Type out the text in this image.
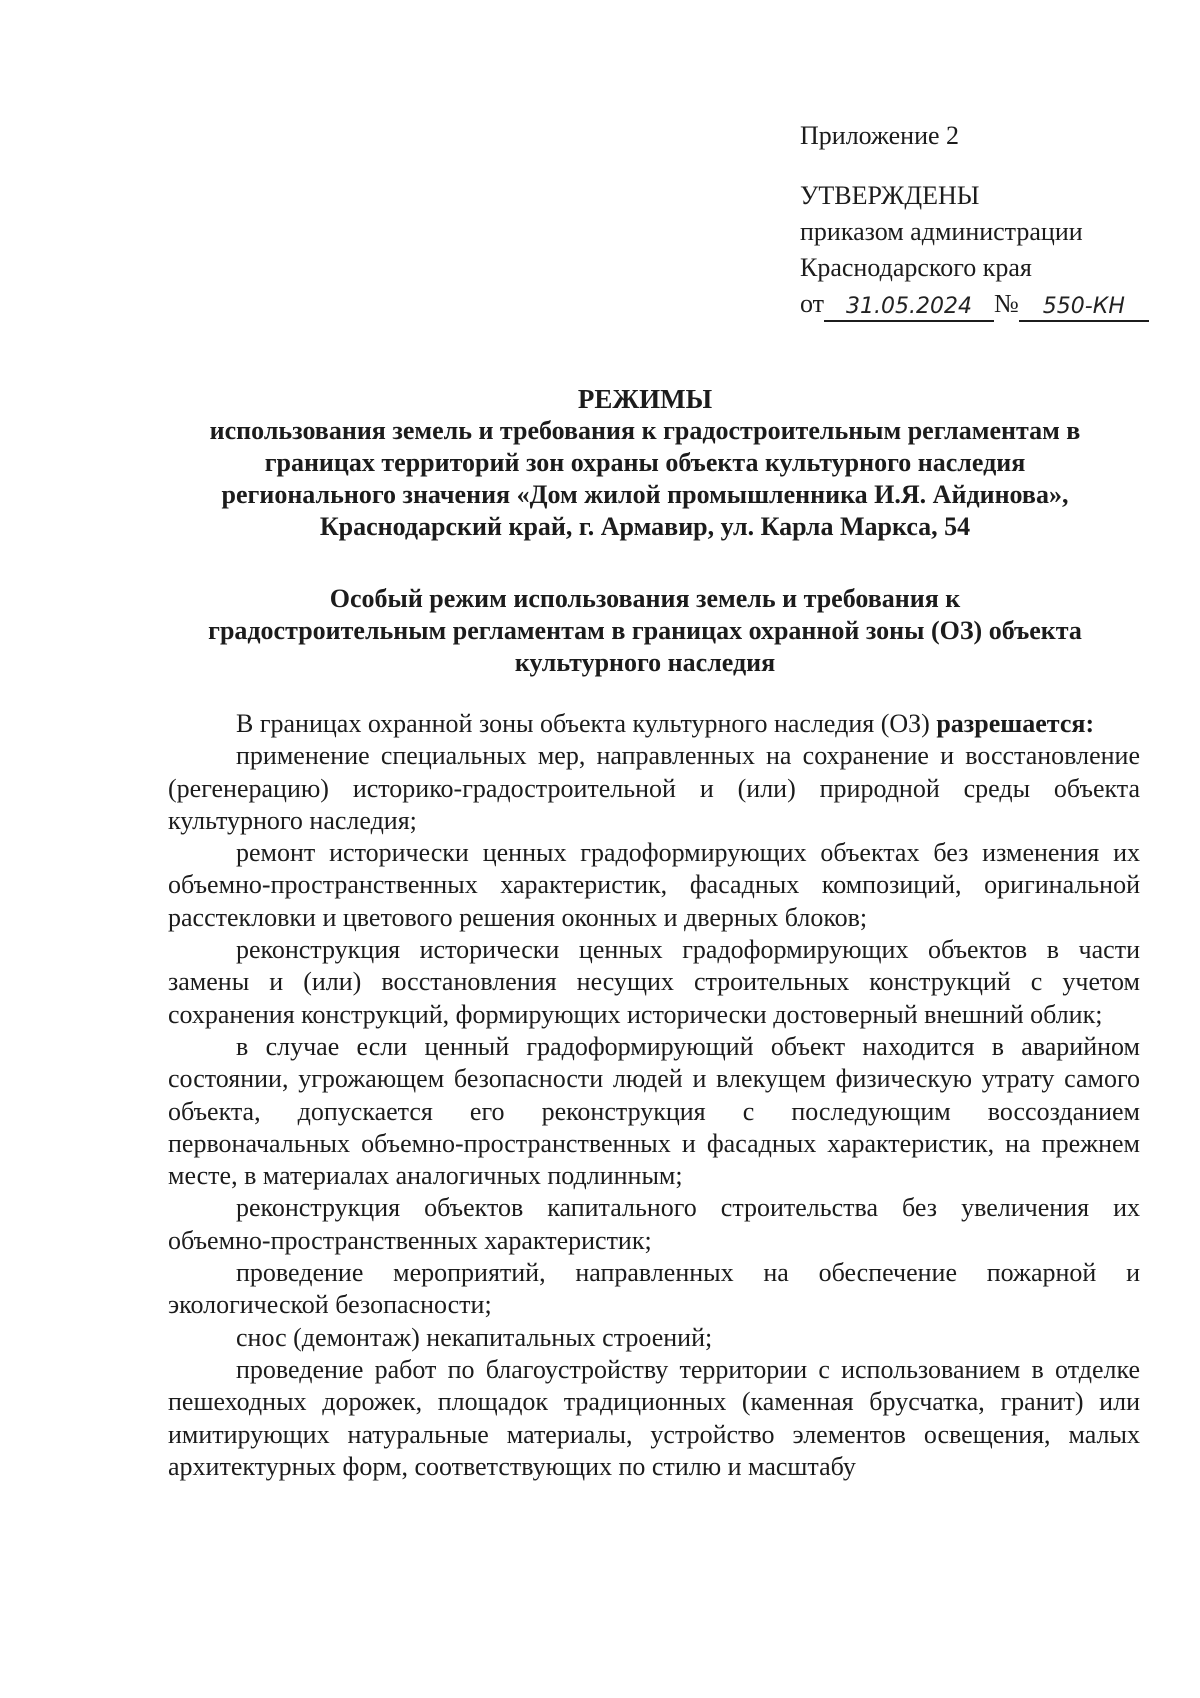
Приложение 2
УТВЕРЖДЕНЫ
приказом администрации
Краснодарского края
от	31.05.2024 №	550-КН
РЕЖИМЫ
использования земель и требования к градостроительным регламентам в
границах территорий зон охраны объекта культурного наследия
регионального значения «Дом жилой промышленника И.Я. Айдинова»,
Краснодарский край, г. Армавир, ул. Карла Маркса, 54
Особый режим использования земель и требования к
градостроительным регламентам в границах охранной зоны (ОЗ) объекта
культурного наследия

В границах охранной зоны объекта культурного наследия (ОЗ) разрешается:

применение специальных мер, направленных на сохранение и восстановление (регенерацию) историко-градостроительной и (или) природной среды объекта культурного наследия;

ремонт исторически ценных градоформирующих объектах без изменения их объемно-пространственных характеристик, фасадных композиций, оригинальной расстекловки и цветового решения оконных и дверных блоков;

реконструкция исторически ценных градоформирующих объектов в части замены и (или) восстановления несущих строительных конструкций с учетом сохранения конструкций, формирующих исторически достоверный внешний облик;

в случае если ценный градоформирующий объект находится в аварийном состоянии, угрожающем безопасности людей и влекущем физическую утрату самого объекта, допускается его реконструкция с последующим воссозданием первоначальных объемно-пространственных и фасадных характеристик, на прежнем месте, в материалах аналогичных подлинным;

реконструкция объектов капитального строительства без увеличения их объемно-пространственных характеристик;

проведение мероприятий, направленных на обеспечение пожарной и экологической безопасности;

снос (демонтаж) некапитальных строений;

проведение работ по благоустройству территории с использованием в отделке пешеходных дорожек, площадок традиционных (каменная брусчатка, гранит) или имитирующих натуральные материалы, устройство элементов освещения, малых архитектурных форм, соответствующих по стилю и масштабу
